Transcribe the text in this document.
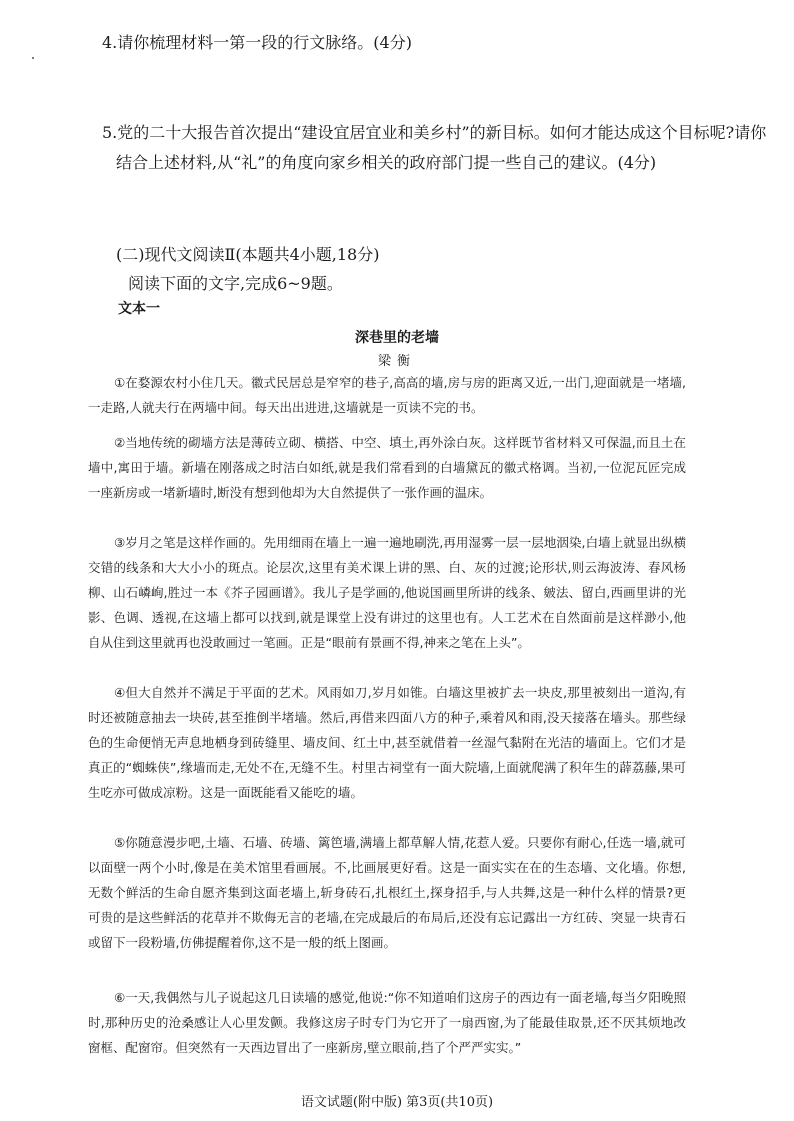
4.请你梳理材料一第一段的行文脉络。(4分)
5.党的二十大报告首次提出“建设宜居宜业和美乡村”的新目标。如何才能达成这个目标呢?请你结合上述材料,从“礼”的角度向家乡相关的政府部门提一些自己的建议。(4分)
(二)现代文阅读Ⅱ(本题共4小题,18分)
阅读下面的文字,完成6~9题。
文本一
深巷里的老墙
梁衡
①在婺源农村小住几天。徽式民居总是窄窄的巷子,高高的墙,房与房的距离又近,一出门,迎面就是一堵墙,一走路,人就夫行在两墙中间。每天出出进进,这墙就是一页读不完的书。
②当地传统的砌墙方法是薄砖立砌、横搭、中空、填土,再外涂白灰。这样既节省材料又可保温,而且土在墙中,寓田于墙。新墙在刚落成之时洁白如纸,就是我们常看到的白墙黛瓦的徽式格调。当初,一位泥瓦匠完成一座新房或一堵新墙时,断没有想到他却为大自然提供了一张作画的温床。
③岁月之笔是这样作画的。先用细雨在墙上一遍一遍地刷洗,再用湿雾一层一层地洇染,白墙上就显出纵横交错的线条和大大小小的斑点。论层次,这里有美术课上讲的黑、白、灰的过渡;论形状,则云海波涛、春风杨柳、山石嶙峋,胜过一本《芥子园画谱》。我儿子是学画的,他说国画里所讲的线条、皴法、留白,西画里讲的光影、色调、透视,在这墙上都可以找到,就是课堂上没有讲过的这里也有。人工艺术在自然面前是这样渺小,他自从住到这里就再也没敢画过一笔画。正是“眼前有景画不得,神来之笔在上头”。
④但大自然并不满足于平面的艺术。风雨如刀,岁月如锥。白墙这里被扩去一块皮,那里被刻出一道沟,有时还被随意抽去一块砖,甚至推倒半堵墙。然后,再借来四面八方的种子,乘着风和雨,没天接落在墙头。那些绿色的生命便悄无声息地栖身到砖缝里、墙皮间、红土中,甚至就借着一丝湿气黏附在光洁的墙面上。它们才是真正的“蜘蛛侠”,缘墙而走,无处不在,无缝不生。村里古祠堂有一面大院墙,上面就爬满了积年生的薜荔藤,果可生吃亦可做成凉粉。这是一面既能看又能吃的墙。
⑤你随意漫步吧,土墙、石墙、砖墙、篱笆墙,满墙上都草解人情,花惹人爱。只要你有耐心,任选一墙,就可以面壁一两个小时,像是在美术馆里看画展。不,比画展更好看。这是一面实实在在的生态墙、文化墙。你想,无数个鲜活的生命自愿齐集到这面老墙上,斩身砖石,扎根红土,探身招手,与人共舞,这是一种什么样的情景?更可贵的是这些鲜活的花草并不欺侮无言的老墙,在完成最后的布局后,还没有忘记露出一方红砖、突显一块青石或留下一段粉墙,仿佛提醒着你,这不是一般的纸上图画。
⑥一天,我偶然与儿子说起这几日读墙的感觉,他说:“你不知道咱们这房子的西边有一面老墙,每当夕阳晚照时,那种历史的沧桑感让人心里发颤。我修这房子时专门为它开了一扇西窗,为了能最佳取景,还不厌其烦地改窗框、配窗帘。但突然有一天西边冒出了一座新房,壁立眼前,挡了个严严实实。”
语文试题(附中版) 第3页(共10页)
